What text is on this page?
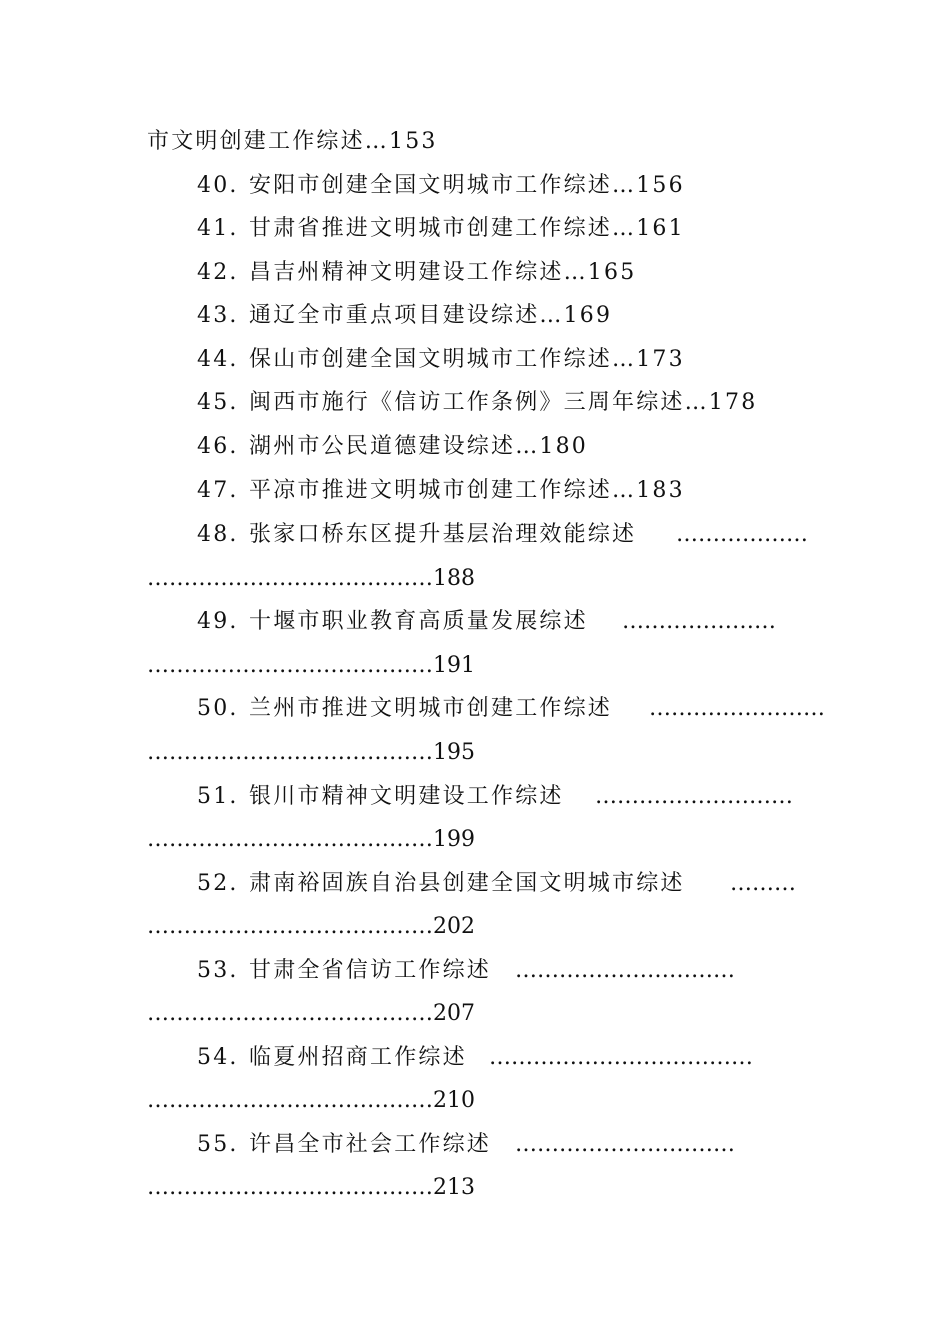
市文明创建工作综述…153
40. 安阳市创建全国文明城市工作综述…156
41. 甘肃省推进文明城市创建工作综述…161
42. 昌吉州精神文明建设工作综述…165
43. 通辽全市重点项目建设综述…169
44. 保山市创建全国文明城市工作综述…173
45. 闽西市施行《信访工作条例》三周年综述…178
46. 湖州市公民道德建设综述…180
47. 平凉市推进文明城市创建工作综述…183
48. 张家口桥东区提升基层治理效能综述 ………………
…………………………………188
49. 十堰市职业教育高质量发展综述 …………………
…………………………………191
50. 兰州市推进文明城市创建工作综述 ……………………
…………………………………195
51. 银川市精神文明建设工作综述 ………………………
…………………………………199
52. 肃南裕固族自治县创建全国文明城市综述 ………
…………………………………202
53. 甘肃全省信访工作综述 …………………………
…………………………………207
54. 临夏州招商工作综述 ………………………………
…………………………………210
55. 许昌全市社会工作综述 …………………………
…………………………………213
